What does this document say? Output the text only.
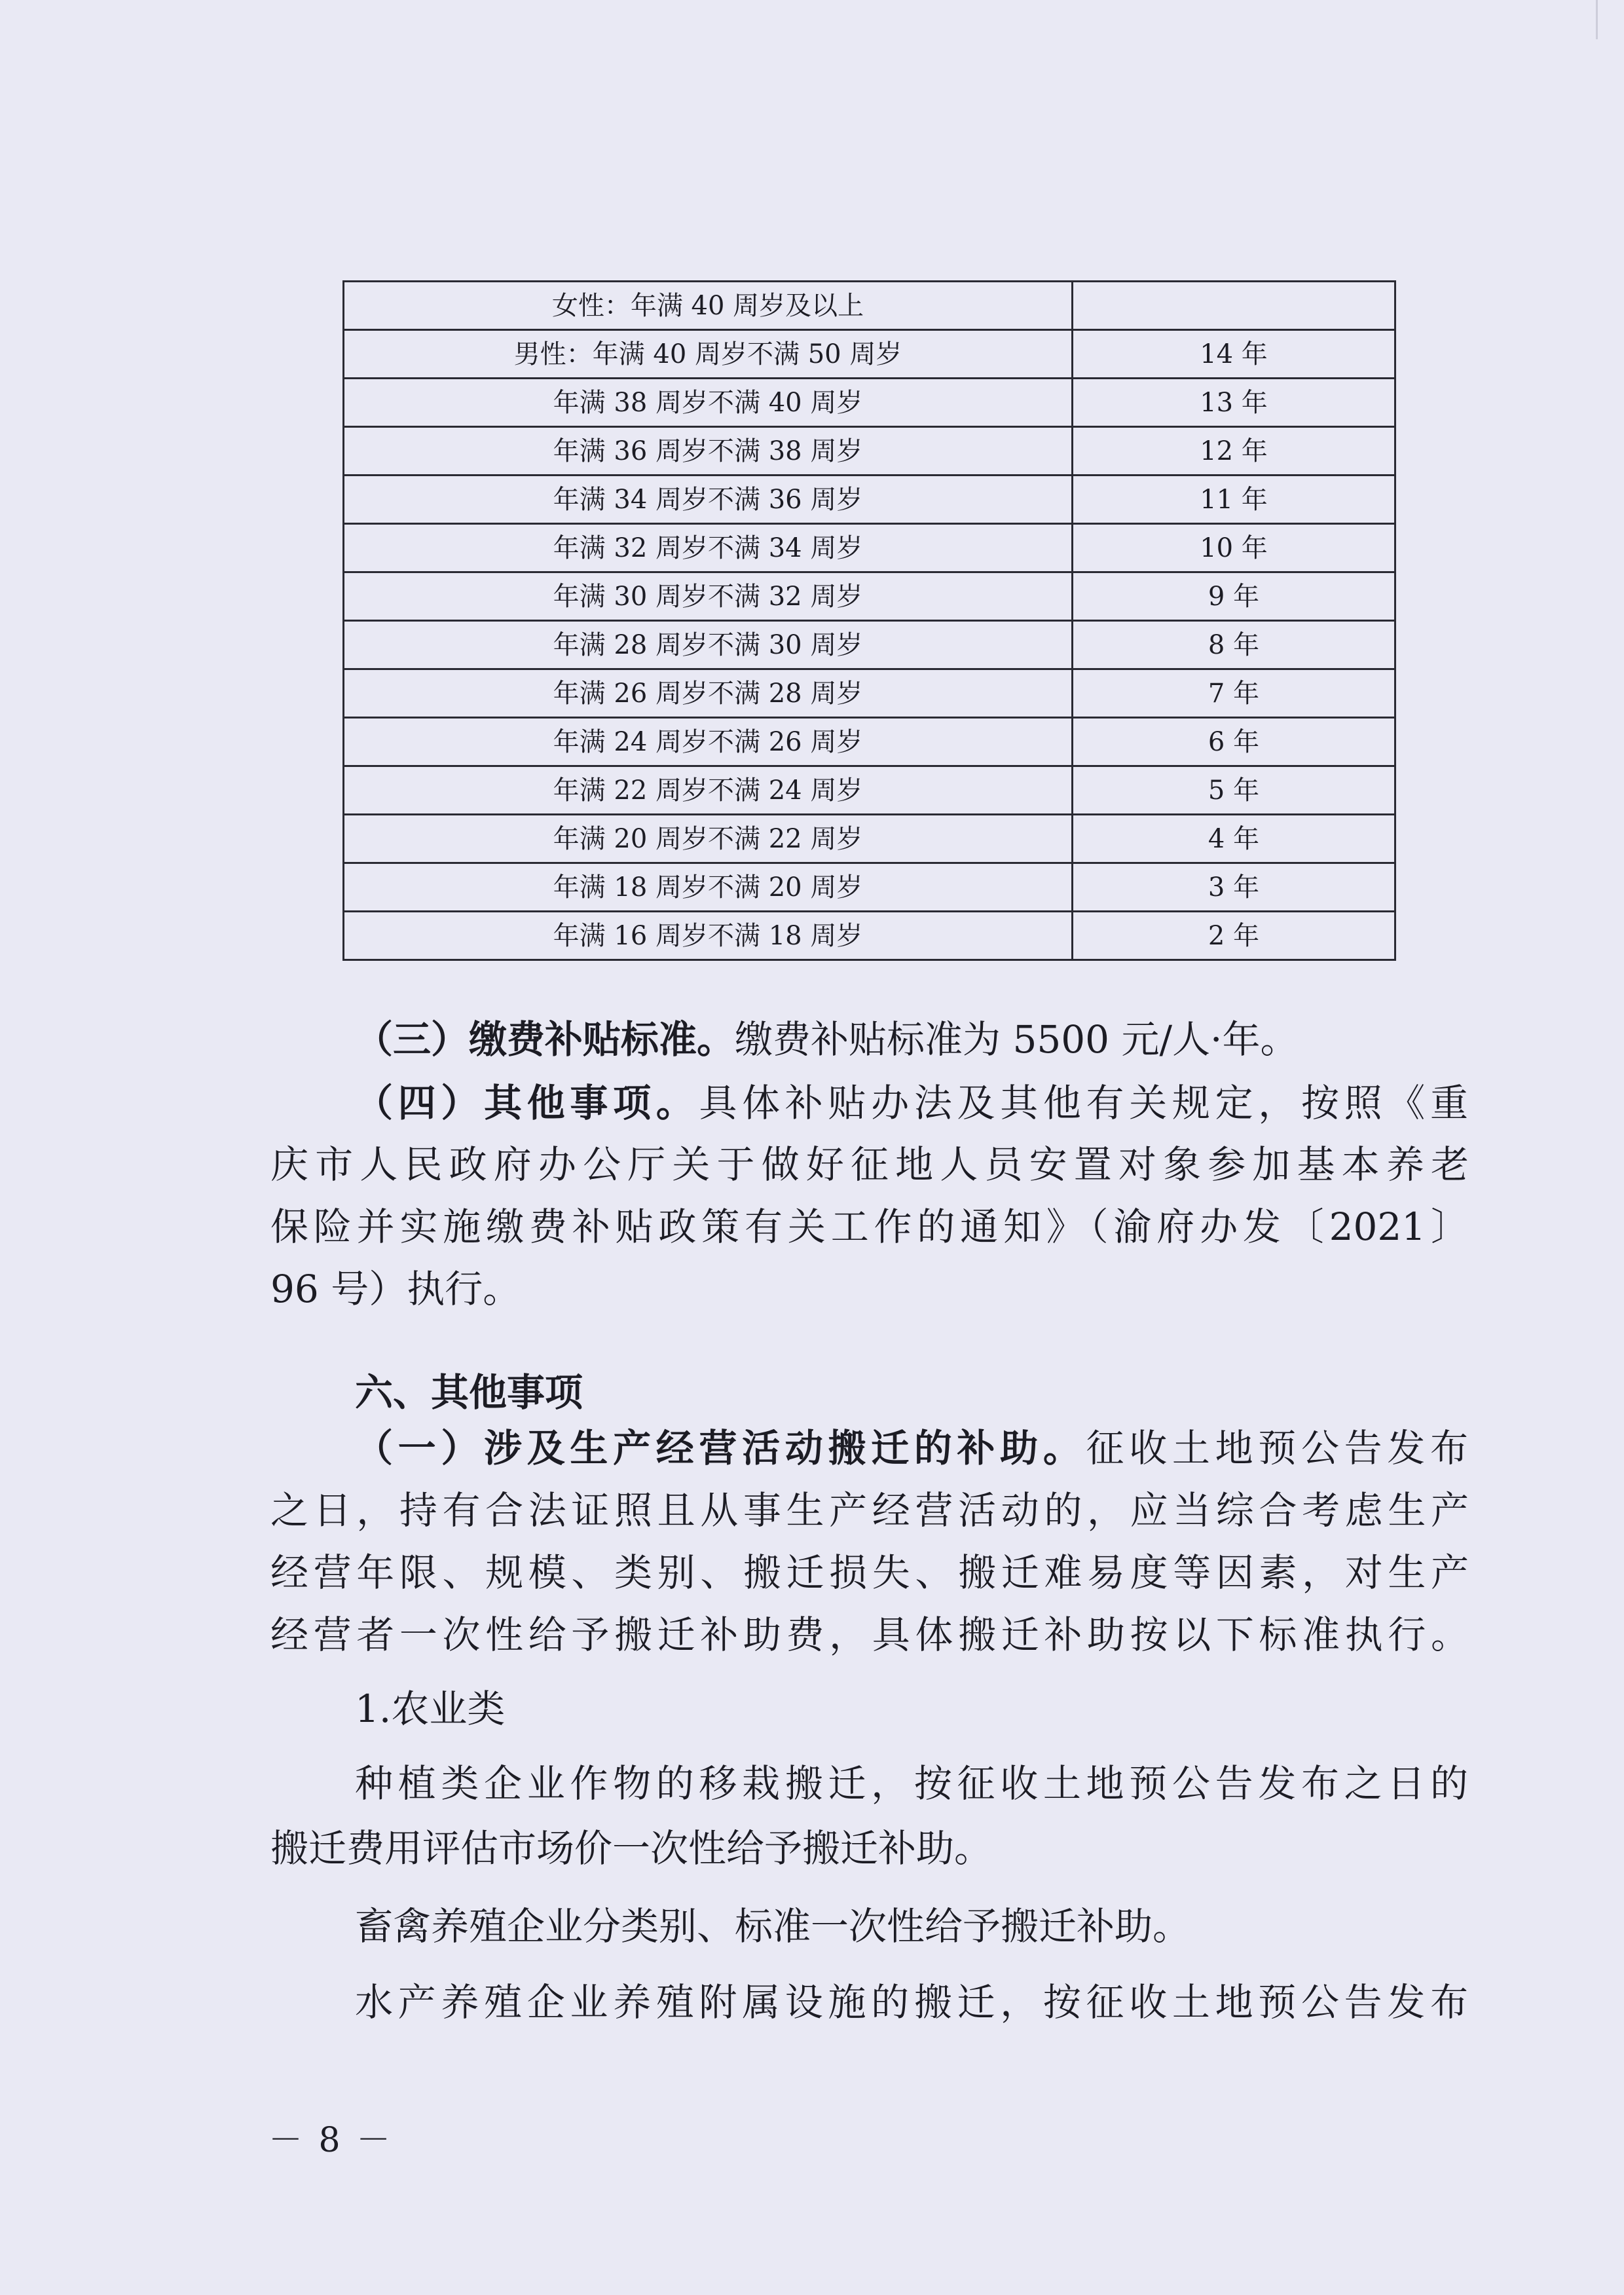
女性：年满 40 周岁及以上	
男性：年满 40 周岁不满 50 周岁	14 年
年满 38 周岁不满 40 周岁	13 年
年满 36 周岁不满 38 周岁	12 年
年满 34 周岁不满 36 周岁	11 年
年满 32 周岁不满 34 周岁	10 年
年满 30 周岁不满 32 周岁	9 年
年满 28 周岁不满 30 周岁	8 年
年满 26 周岁不满 28 周岁	7 年
年满 24 周岁不满 26 周岁	6 年
年满 22 周岁不满 24 周岁	5 年
年满 20 周岁不满 22 周岁	4 年
年满 18 周岁不满 20 周岁	3 年
年满 16 周岁不满 18 周岁	2 年
（三）缴费补贴标准。缴费补贴标准为 5500 元/人·年。
（四）其他事项。具体补贴办法及其他有关规定，按照《重
庆市人民政府办公厅关于做好征地人员安置对象参加基本养老
保险并实施缴费补贴政策有关工作的通知》（渝府办发〔2021〕
96 号）执行。
六、其他事项
（一）涉及生产经营活动搬迁的补助。征收土地预公告发布
之日，持有合法证照且从事生产经营活动的，应当综合考虑生产
经营年限、规模、类别、搬迁损失、搬迁难易度等因素，对生产
经营者一次性给予搬迁补助费，具体搬迁补助按以下标准执行。
1.农业类
种植类企业作物的移栽搬迁，按征收土地预公告发布之日的
搬迁费用评估市场价一次性给予搬迁补助。
畜禽养殖企业分类别、标准一次性给予搬迁补助。
水产养殖企业养殖附属设施的搬迁，按征收土地预公告发布
－ 8 －
